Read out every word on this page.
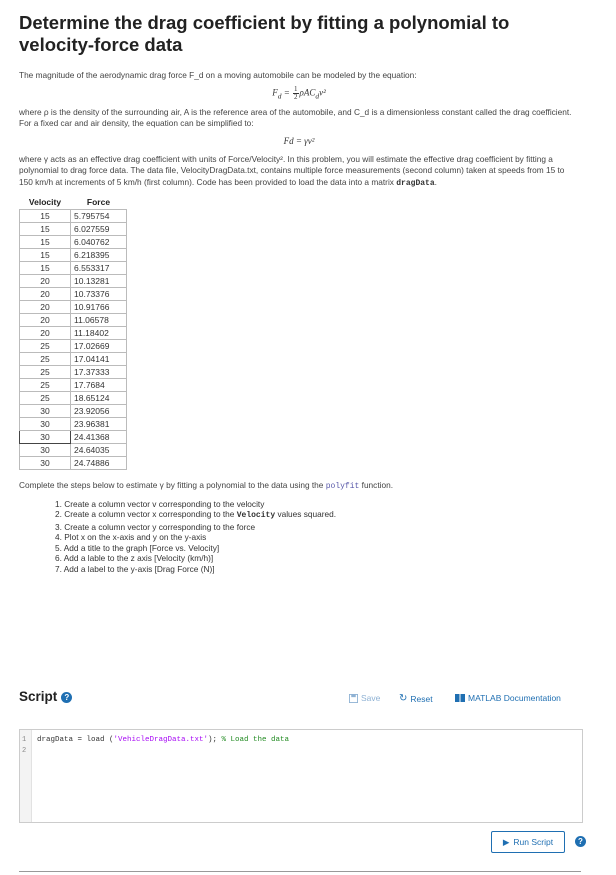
Determine the drag coefficient by fitting a polynomial to velocity-force data

The magnitude of the aerodynamic drag force F_d on a moving automobile can be modeled by the equation:

$F_d = \frac{1}{2} \rho AC_dv^2$

where ρ is the density of the surrounding air, A is the reference area of the automobile, and C_d is a dimensionless constant called the drag coefficient. For a fixed car and air density, the equation can be simplified to:

Fd = γv²

where γ acts as an effective drag coefficient with units of Force/Velocity². In this problem, you will estimate the effective drag coefficient by fitting a polynomial to drag force data. The data file, VelocityDragData.txt, contains multiple force measurements (second column) taken at speeds from 15 to 150 km/h at increments of 5 km/h (first column). Code has been provided to load the data into a matrix dragData.

Velocity	Force
15	5.795754
15	6.027559
15	6.040762
15	6.218395
15	6.553317
20	10.13281
20	10.73376
20	10.91766
20	11.06578
20	11.18402
25	17.02669
25	17.04141
25	17.37333
25	17.7684
25	18.65124
30	23.92056
30	23.96381
30	24.41368
30	24.64035
30	24.74886

Complete the steps below to estimate γ by fitting a polynomial to the data using the polyfit function.

1. Create a column vector v corresponding to the velocity
2. Create a column vector x corresponding to the Velocity values squared.
3. Create a column vector y corresponding to the force
4. Plot x on the x-axis and y on the y-axis
5. Add a title to the graph [Force vs. Velocity]
6. Add a lable to the z axis [Velocity (km/h)]
7. Add a label to the y-axis [Drag Force (N)]
Script ?	Save ↻ Reset	MATLAB Documentation
1
2
dragData = load ('VehicleDragData.txt'); % Load the data
▶ Run Script	?
